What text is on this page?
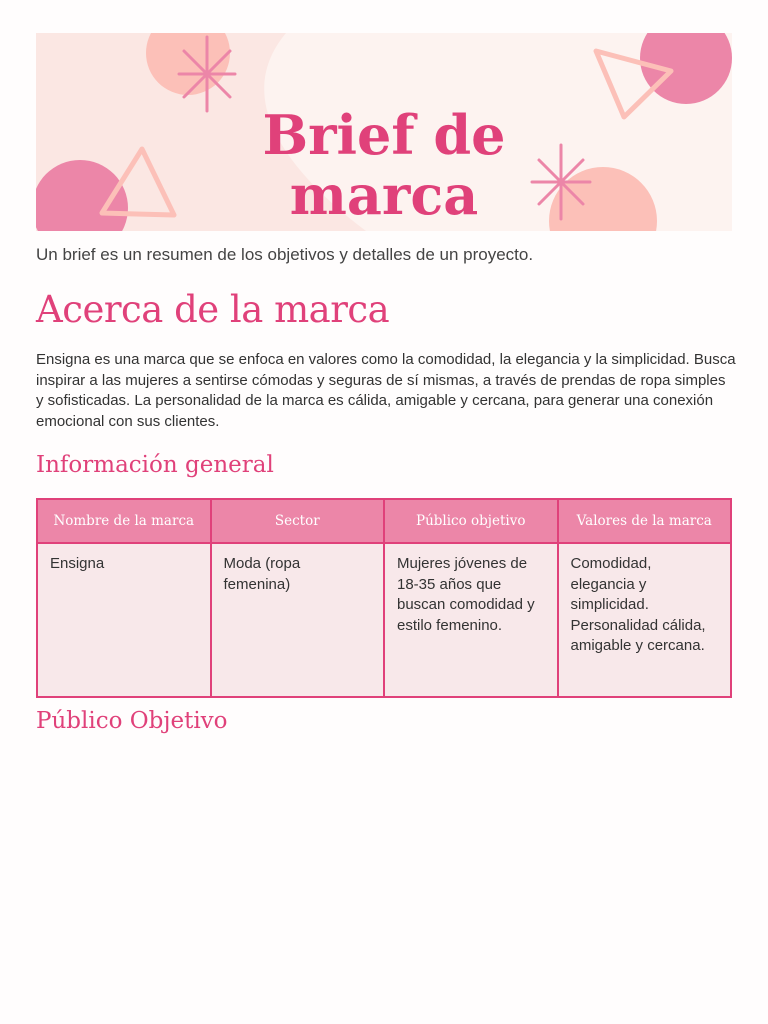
Brief de
marca

Un brief es un resumen de los objetivos y detalles de un proyecto.

Acerca de la marca

Ensigna es una marca que se enfoca en valores como la comodidad, la elegancia y la simplicidad. Busca inspirar a las mujeres a sentirse cómodas y seguras de sí mismas, a través de prendas de ropa simples y sofisticadas. La personalidad de la marca es cálida, amigable y cercana, para generar una conexión emocional con sus clientes.

Información general
Nombre de la marca	Sector	Público objetivo	Valores de la marca
Ensigna	Moda (ropa femenina)	Mujeres jóvenes de 18-35 años que buscan comodidad y estilo femenino.	Comodidad, elegancia y simplicidad. Personalidad cálida, amigable y cercana.
Público Objetivo
